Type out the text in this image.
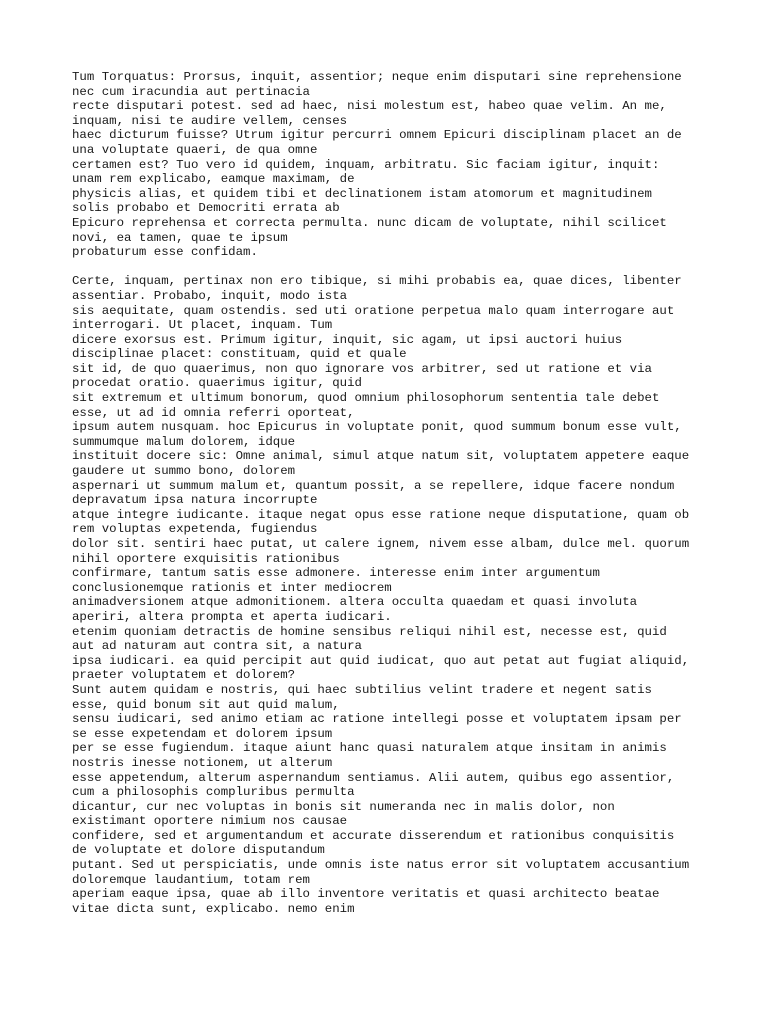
Tum Torquatus: Prorsus, inquit, assentior; neque enim disputari sine reprehensione
nec cum iracundia aut pertinacia
recte disputari potest. sed ad haec, nisi molestum est, habeo quae velim. An me,
inquam, nisi te audire vellem, censes
haec dicturum fuisse? Utrum igitur percurri omnem Epicuri disciplinam placet an de
una voluptate quaeri, de qua omne
certamen est? Tuo vero id quidem, inquam, arbitratu. Sic faciam igitur, inquit:
unam rem explicabo, eamque maximam, de
physicis alias, et quidem tibi et declinationem istam atomorum et magnitudinem
solis probabo et Democriti errata ab
Epicuro reprehensa et correcta permulta. nunc dicam de voluptate, nihil scilicet
novi, ea tamen, quae te ipsum
probaturum esse confidam.
Certe, inquam, pertinax non ero tibique, si mihi probabis ea, quae dices, libenter
assentiar. Probabo, inquit, modo ista
sis aequitate, quam ostendis. sed uti oratione perpetua malo quam interrogare aut
interrogari. Ut placet, inquam. Tum
dicere exorsus est. Primum igitur, inquit, sic agam, ut ipsi auctori huius
disciplinae placet: constituam, quid et quale
sit id, de quo quaerimus, non quo ignorare vos arbitrer, sed ut ratione et via
procedat oratio. quaerimus igitur, quid
sit extremum et ultimum bonorum, quod omnium philosophorum sententia tale debet
esse, ut ad id omnia referri oporteat,
ipsum autem nusquam. hoc Epicurus in voluptate ponit, quod summum bonum esse vult,
summumque malum dolorem, idque
instituit docere sic: Omne animal, simul atque natum sit, voluptatem appetere eaque
gaudere ut summo bono, dolorem
aspernari ut summum malum et, quantum possit, a se repellere, idque facere nondum
depravatum ipsa natura incorrupte
atque integre iudicante. itaque negat opus esse ratione neque disputatione, quam ob
rem voluptas expetenda, fugiendus
dolor sit. sentiri haec putat, ut calere ignem, nivem esse albam, dulce mel. quorum
nihil oportere exquisitis rationibus
confirmare, tantum satis esse admonere. interesse enim inter argumentum
conclusionemque rationis et inter mediocrem
animadversionem atque admonitionem. altera occulta quaedam et quasi involuta
aperiri, altera prompta et aperta iudicari.
etenim quoniam detractis de homine sensibus reliqui nihil est, necesse est, quid
aut ad naturam aut contra sit, a natura
ipsa iudicari. ea quid percipit aut quid iudicat, quo aut petat aut fugiat aliquid,
praeter voluptatem et dolorem?
Sunt autem quidam e nostris, qui haec subtilius velint tradere et negent satis
esse, quid bonum sit aut quid malum,
sensu iudicari, sed animo etiam ac ratione intellegi posse et voluptatem ipsam per
se esse expetendam et dolorem ipsum
per se esse fugiendum. itaque aiunt hanc quasi naturalem atque insitam in animis
nostris inesse notionem, ut alterum
esse appetendum, alterum aspernandum sentiamus. Alii autem, quibus ego assentior,
cum a philosophis compluribus permulta
dicantur, cur nec voluptas in bonis sit numeranda nec in malis dolor, non
existimant oportere nimium nos causae
confidere, sed et argumentandum et accurate disserendum et rationibus conquisitis
de voluptate et dolore disputandum
putant. Sed ut perspiciatis, unde omnis iste natus error sit voluptatem accusantium
doloremque laudantium, totam rem
aperiam eaque ipsa, quae ab illo inventore veritatis et quasi architecto beatae
vitae dicta sunt, explicabo. nemo enim
